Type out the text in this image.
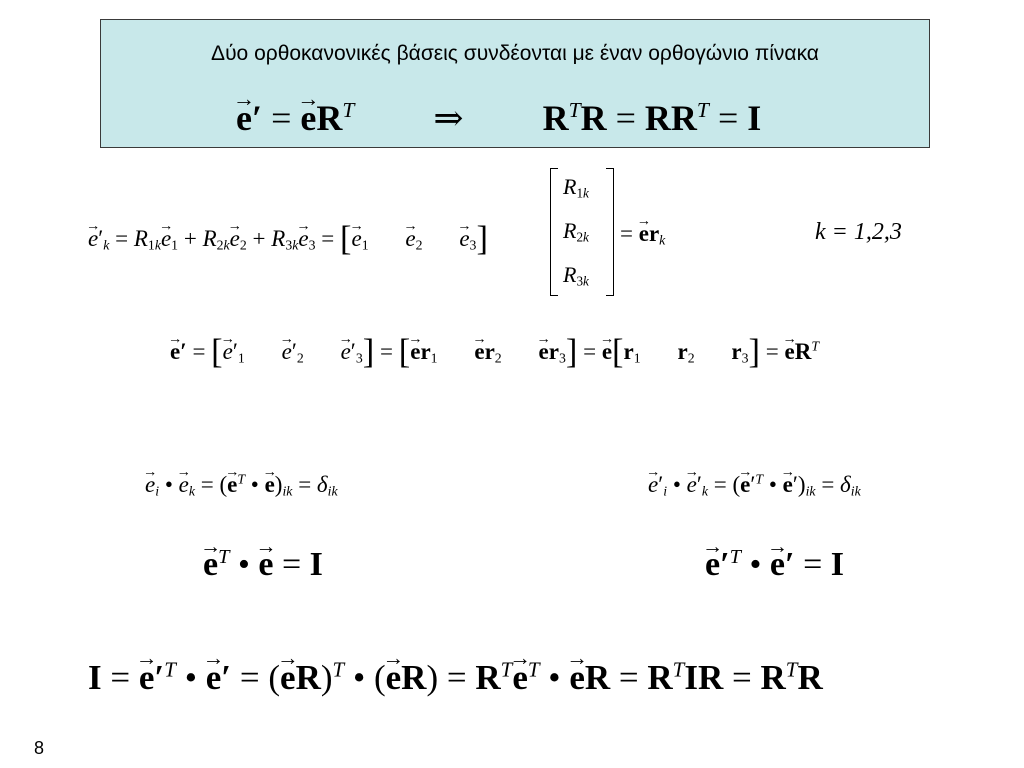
Δύο ορθοκανονικές βάσεις συνδέονται με έναν ορθογώνιο πίνακα
→ e′ = → $eR^T$ ⇒ $R^TR = RR^T = I$
→ $e'_k = R_{1k}\to e_1 + R_{2k}\to e_2 + R_{3k}\to e_3$ = [→ $e_1 \to e_2 \to e_3$]
$R_{1k}$
$R_{2k}$
$R_{3k}$
= → $er_k$	k = 1,2,3
→ e′ = [→ $e'_1 \to e'_2 \to e'_3$] = [→ $er_1 \to er_2 \to er_3$] = → $e[r_1$ $r_2$ $r_3$] = → $eR^T$
→ $e_i$ • → $e_k$ = (→ $e^T$ • → $e)_{ik} = \delta_{ik}$	→ $e'_i$ • → $e'_k$ = (→ $e'^T$ • → $e')_{ik} = \delta_{ik}$
→ $e^T$ • → e = I	→ $e'^T$ • → e′ = I
I = → $e'^T$ • → e′ = (→ eR)$^T$ • (→ $eR) = R^T\to e^T$ • → eR = $R^TIR = R^TR$
8
